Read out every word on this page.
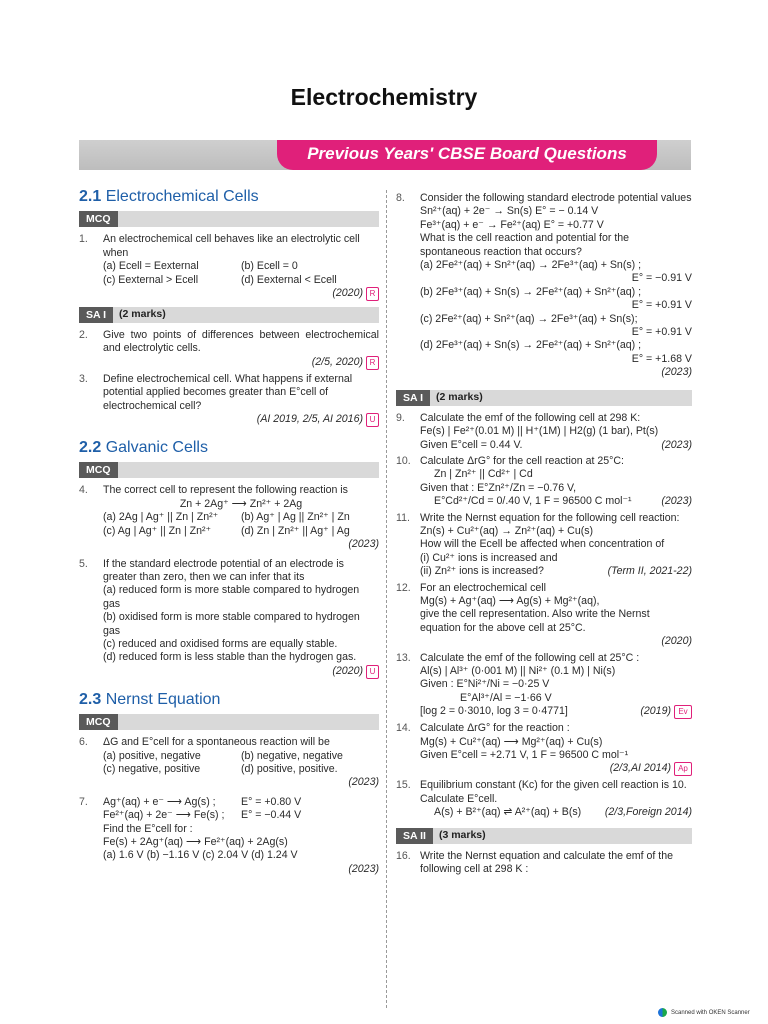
Electrochemistry
Previous Years' CBSE Board Questions
2.1 Electrochemical Cells
MCQ
1.	An electrochemical cell behaves like an electrolytic cell when
(a) Ecell = Eexternal	(b) Ecell = 0
(c) Eexternal > Ecell	(d) Eexternal < Ecell
(2020) R
SA I	(2 marks)
2.	Give two points of differences between electrochemical and electrolytic cells.
(2/5, 2020) R
3.	Define electrochemical cell. What happens if external potential applied becomes greater than E°cell of electrochemical cell?
(AI 2019, 2/5, AI 2016) U
2.2 Galvanic Cells
MCQ
4.	The correct cell to represent the following reaction is
Zn + 2Ag⁺ ⟶ Zn²⁺ + 2Ag
(a) 2Ag | Ag⁺ || Zn | Zn²⁺	(b) Ag⁺ | Ag || Zn²⁺ | Zn
(c) Ag | Ag⁺ || Zn | Zn²⁺	(d) Zn | Zn²⁺ || Ag⁺ | Ag
(2023)
5.	If the standard electrode potential of an electrode is greater than zero, then we can infer that its
(a) reduced form is more stable compared to hydrogen gas
(b) oxidised form is more stable compared to hydrogen gas
(c) reduced and oxidised forms are equally stable.
(d) reduced form is less stable than the hydrogen gas.
(2020) U
2.3 Nernst Equation
MCQ
6.	ΔG and E°cell for a spontaneous reaction will be
(a) positive, negative	(b) negative, negative
(c) negative, positive	(d) positive, positive.
(2023)
7.	Ag⁺(aq) + e⁻ ⟶ Ag(s) ;	E° = +0.80 V
Fe²⁺(aq) + 2e⁻ ⟶ Fe(s) ;	E° = −0.44 V
Find the E°cell for :
Fe(s) + 2Ag⁺(aq) ⟶ Fe²⁺(aq) + 2Ag(s)
(a) 1.6 V (b) −1.16 V (c) 2.04 V (d) 1.24 V
(2023)
8.	Consider the following standard electrode potential values
Sn²⁺(aq) + 2e⁻ → Sn(s) E° = − 0.14 V
Fe³⁺(aq) + e⁻ → Fe²⁺(aq) E° = +0.77 V
What is the cell reaction and potential for the spontaneous reaction that occurs?
(a) 2Fe²⁺(aq) + Sn²⁺(aq) → 2Fe³⁺(aq) + Sn(s) ;
E° = −0.91 V
(b) 2Fe³⁺(aq) + Sn(s) → 2Fe²⁺(aq) + Sn²⁺(aq) ;
E° = +0.91 V
(c) 2Fe²⁺(aq) + Sn²⁺(aq) → 2Fe³⁺(aq) + Sn(s);
E° = +0.91 V
(d) 2Fe³⁺(aq) + Sn(s) → 2Fe²⁺(aq) + Sn²⁺(aq) ;
E° = +1.68 V
(2023)
SA I	(2 marks)
9.	Calculate the emf of the following cell at 298 K:
Fe(s) | Fe²⁺(0.01 M) || H⁺(1M) | H2(g) (1 bar), Pt(s)
Given E°cell = 0.44 V.	(2023)
10. Calculate ΔrG° for the cell reaction at 25°C:
Zn | Zn²⁺ || Cd²⁺ | Cd
Given that : E°Zn²⁺/Zn = −0.76 V,
E°Cd²⁺/Cd = 0/.40 V, 1 F = 96500 C mol⁻¹	(2023)
11. Write the Nernst equation for the following cell reaction:
Zn(s) + Cu²⁺(aq) → Zn²⁺(aq) + Cu(s)
How will the Ecell be affected when concentration of
(i) Cu²⁺ ions is increased and
(ii) Zn²⁺ ions is increased?	(Term II, 2021-22)
12. For an electrochemical cell
Mg(s) + Ag⁺(aq) ⟶ Ag(s) + Mg²⁺(aq),
give the cell representation. Also write the Nernst equation for the above cell at 25°C.
(2020)
13. Calculate the emf of the following cell at 25°C :
Al(s) | Al³⁺ (0·001 M) || Ni²⁺ (0.1 M) | Ni(s)
Given : E°Ni²⁺/Ni = −0·25 V
E°Al³⁺/Al = −1·66 V
[log 2 = 0·3010, log 3 = 0·4771]	(2019) Ev
14. Calculate ΔrG° for the reaction :
Mg(s) + Cu²⁺(aq) ⟶ Mg²⁺(aq) + Cu(s)
Given E°cell = +2.71 V, 1 F = 96500 C mol⁻¹
(2/3,AI 2014) Ap
15. Equilibrium constant (Kc) for the given cell reaction is 10. Calculate E°cell.
A(s) + B²⁺(aq) ⇌ A²⁺(aq) + B(s)	(2/3,Foreign 2014)
SA II	(3 marks)
16. Write the Nernst equation and calculate the emf of the following cell at 298 K :
Scanned with OKEN Scanner
